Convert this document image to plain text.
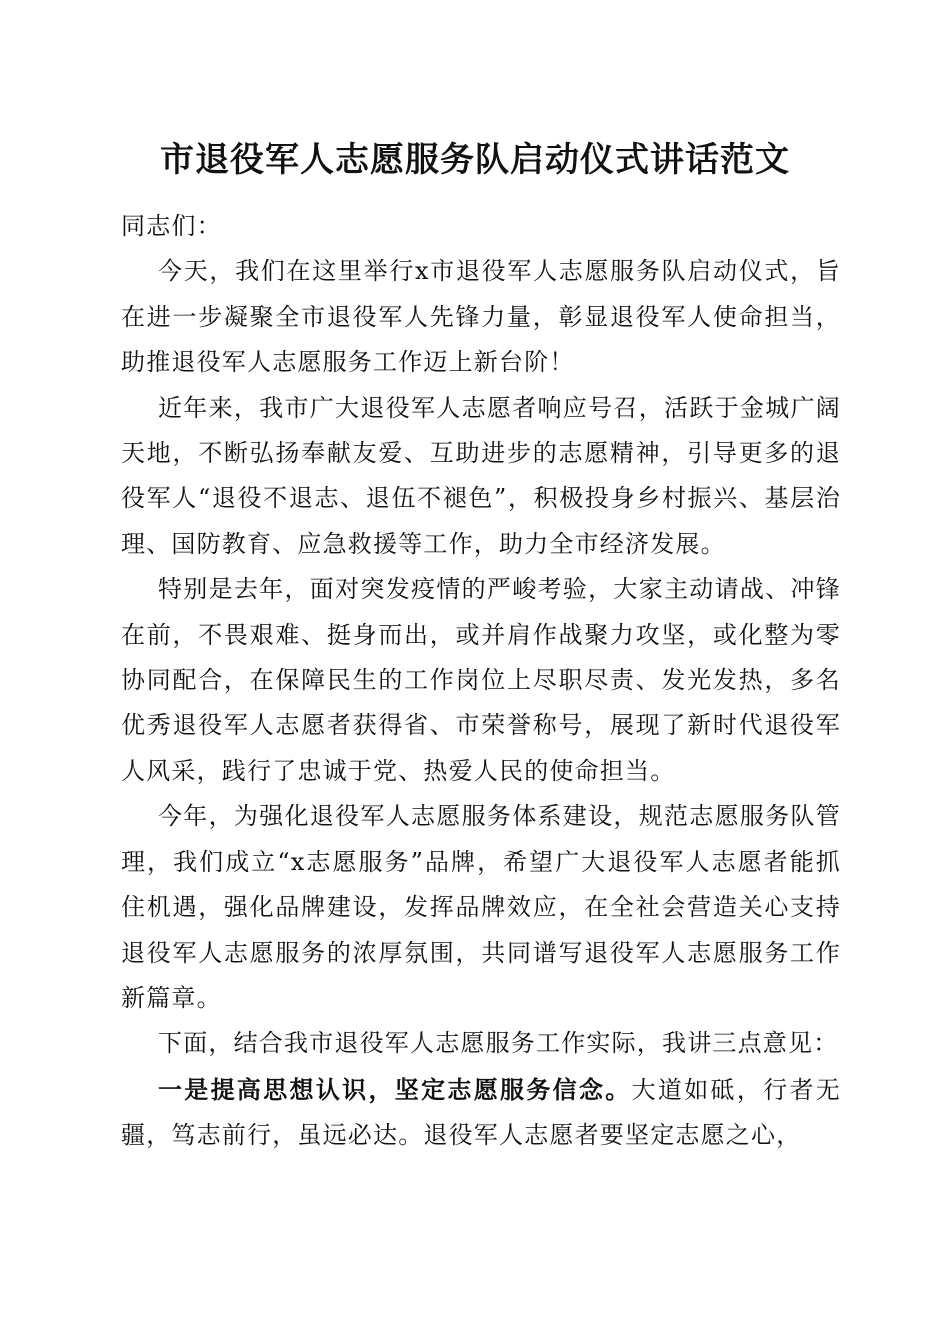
市退役军人志愿服务队启动仪式讲话范文

同志们：

今天，我们在这里举行x市退役军人志愿服务队启动仪式，旨在进一步凝聚全市退役军人先锋力量，彰显退役军人使命担当，助推退役军人志愿服务工作迈上新台阶！

近年来，我市广大退役军人志愿者响应号召，活跃于金城广阔天地，不断弘扬奉献友爱、互助进步的志愿精神，引导更多的退役军人“退役不退志、退伍不褪色”，积极投身乡村振兴、基层治理、国防教育、应急救援等工作，助力全市经济发展。

特别是去年，面对突发疫情的严峻考验，大家主动请战、冲锋在前，不畏艰难、挺身而出，或并肩作战聚力攻坚，或化整为零协同配合，在保障民生的工作岗位上尽职尽责、发光发热，多名优秀退役军人志愿者获得省、市荣誉称号，展现了新时代退役军人风采，践行了忠诚于党、热爱人民的使命担当。

今年，为强化退役军人志愿服务体系建设，规范志愿服务队管理，我们成立“x志愿服务”品牌，希望广大退役军人志愿者能抓住机遇，强化品牌建设，发挥品牌效应，在全社会营造关心支持退役军人志愿服务的浓厚氛围，共同谱写退役军人志愿服务工作新篇章。

下面，结合我市退役军人志愿服务工作实际，我讲三点意见：

一是提高思想认识，坚定志愿服务信念。大道如砥，行者无疆，笃志前行，虽远必达。退役军人志愿者要坚定志愿之心，
